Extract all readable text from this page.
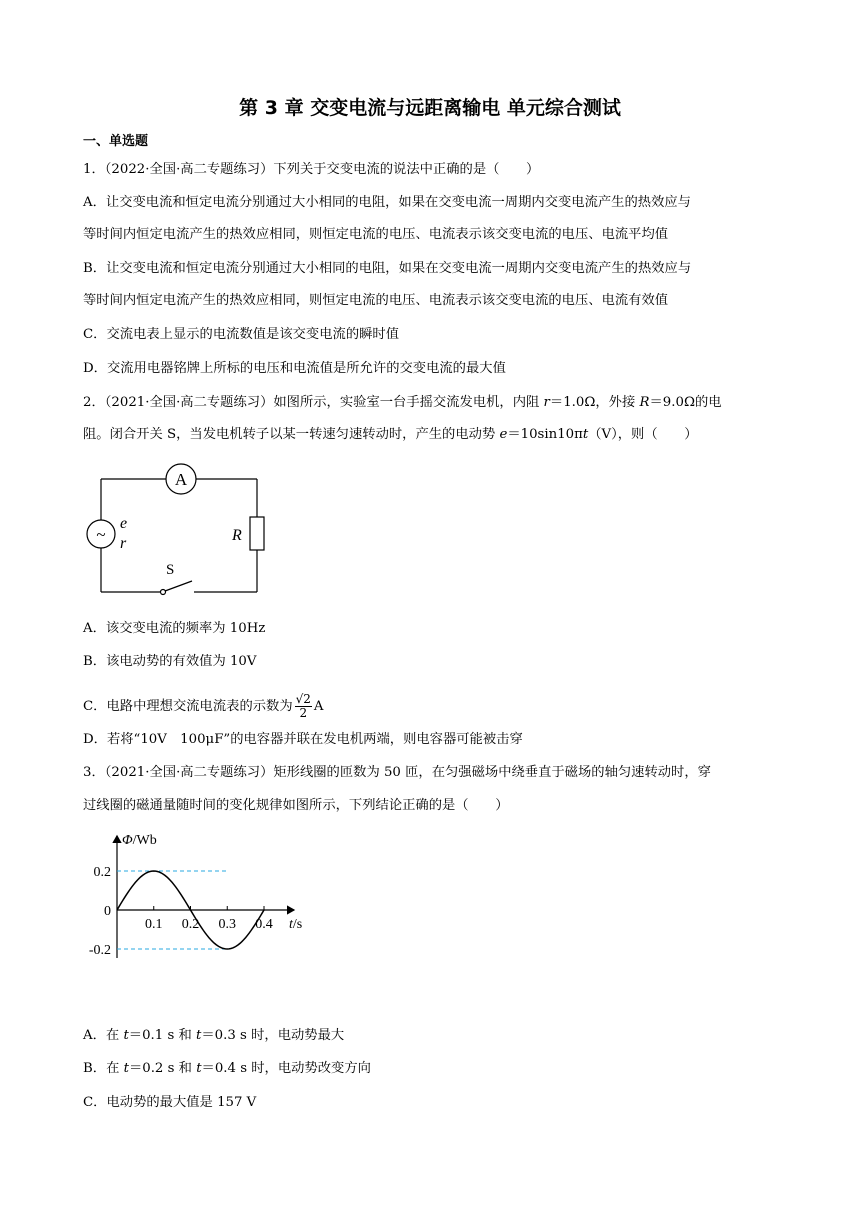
第 3 章 交变电流与远距离输电 单元综合测试
一、单选题
1．（2022·全国·高二专题练习）下列关于交变电流的说法中正确的是（　　）
A．让交变电流和恒定电流分别通过大小相同的电阻，如果在交变电流一周期内交变电流产生的热效应与
等时间内恒定电流产生的热效应相同，则恒定电流的电压、电流表示该交变电流的电压、电流平均值
B．让交变电流和恒定电流分别通过大小相同的电阻，如果在交变电流一周期内交变电流产生的热效应与
等时间内恒定电流产生的热效应相同，则恒定电流的电压、电流表示该交变电流的电压、电流有效值
C．交流电表上显示的电流数值是该交变电流的瞬时值
D．交流用电器铭牌上所标的电压和电流值是所允许的交变电流的最大值
2．（2021·全国·高二专题练习）如图所示，实验室一台手摇交流发电机，内阻 r＝1.0Ω，外接 R＝9.0Ω的电
阻。闭合开关 S，当发电机转子以某一转速匀速转动时，产生的电动势 e＝10sin10πt（V），则（　　）
A
~
e
r	R
S
A．该交变电流的频率为 10Hz
B．该电动势的有效值为 10V
C．电路中理想交流电流表的示数为 $\frac{√2}{2}$ A
D．若将“10V　100μF”的电容器并联在发电机两端，则电容器可能被击穿
3．（2021·全国·高二专题练习）矩形线圈的匝数为 50 匝，在匀强磁场中绕垂直于磁场的轴匀速转动时，穿
过线圈的磁通量随时间的变化规律如图所示，下列结论正确的是（　　）
0.2
0
-0.2
0.1 0.2 0.3 0.4
Φ/Wb
t/s
A．在 t＝0.1 s 和 t＝0.3 s 时，电动势最大
B．在 t＝0.2 s 和 t＝0.4 s 时，电动势改变方向
C．电动势的最大值是 157 V
